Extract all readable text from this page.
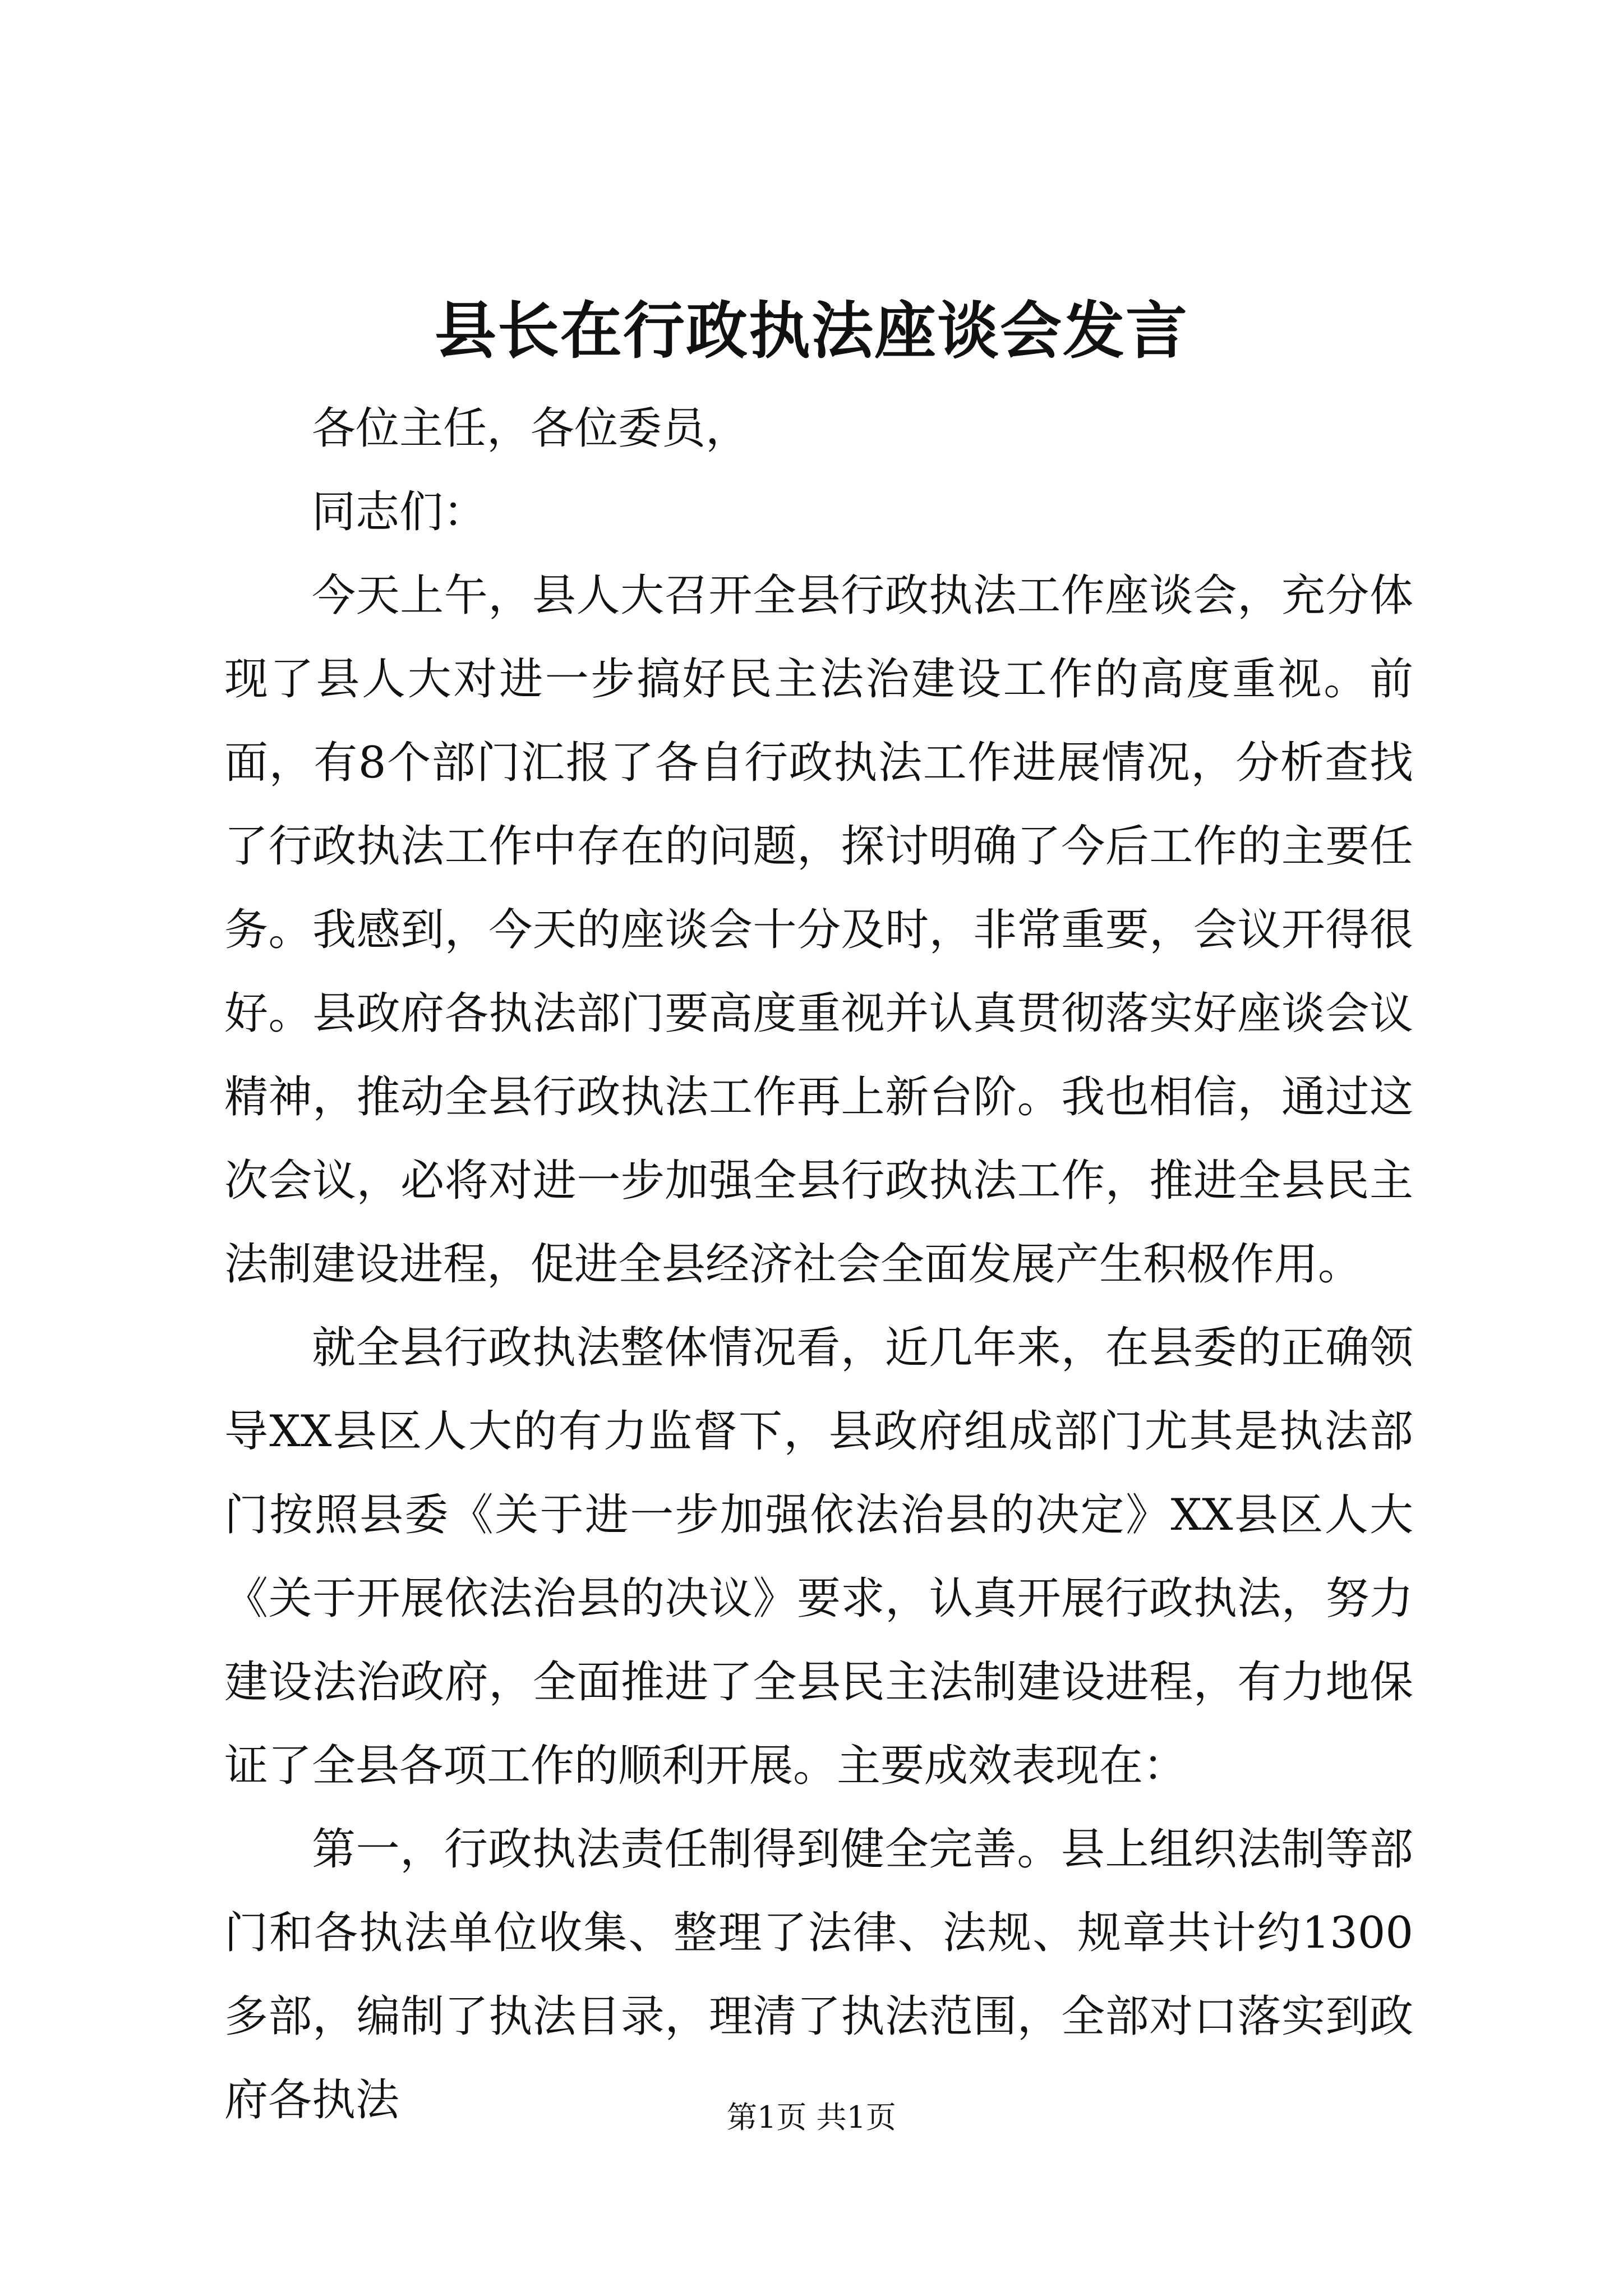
县长在行政执法座谈会发言

各位主任，各位委员，

同志们：

今天上午，县人大召开全县行政执法工作座谈会，充分体现了县人大对进一步搞好民主法治建设工作的高度重视。前面，有8个部门汇报了各自行政执法工作进展情况，分析查找了行政执法工作中存在的问题，探讨明确了今后工作的主要任务。我感到，今天的座谈会十分及时，非常重要，会议开得很好。县政府各执法部门要高度重视并认真贯彻落实好座谈会议精神，推动全县行政执法工作再上新台阶。我也相信，通过这次会议，必将对进一步加强全县行政执法工作，推进全县民主法制建设进程，促进全县经济社会全面发展产生积极作用。

就全县行政执法整体情况看，近几年来，在县委的正确领导XX县区人大的有力监督下，县政府组成部门尤其是执法部门按照县委《关于进一步加强依法治县的决定》XX县区人大《关于开展依法治县的决议》要求，认真开展行政执法，努力建设法治政府，全面推进了全县民主法制建设进程，有力地保证了全县各项工作的顺利开展。主要成效表现在：

第一，行政执法责任制得到健全完善。县上组织法制等部门和各执法单位收集、整理了法律、法规、规章共计约1300多部，编制了执法目录，理清了执法范围，全部对口落实到政府各执法	第1页 共1页
